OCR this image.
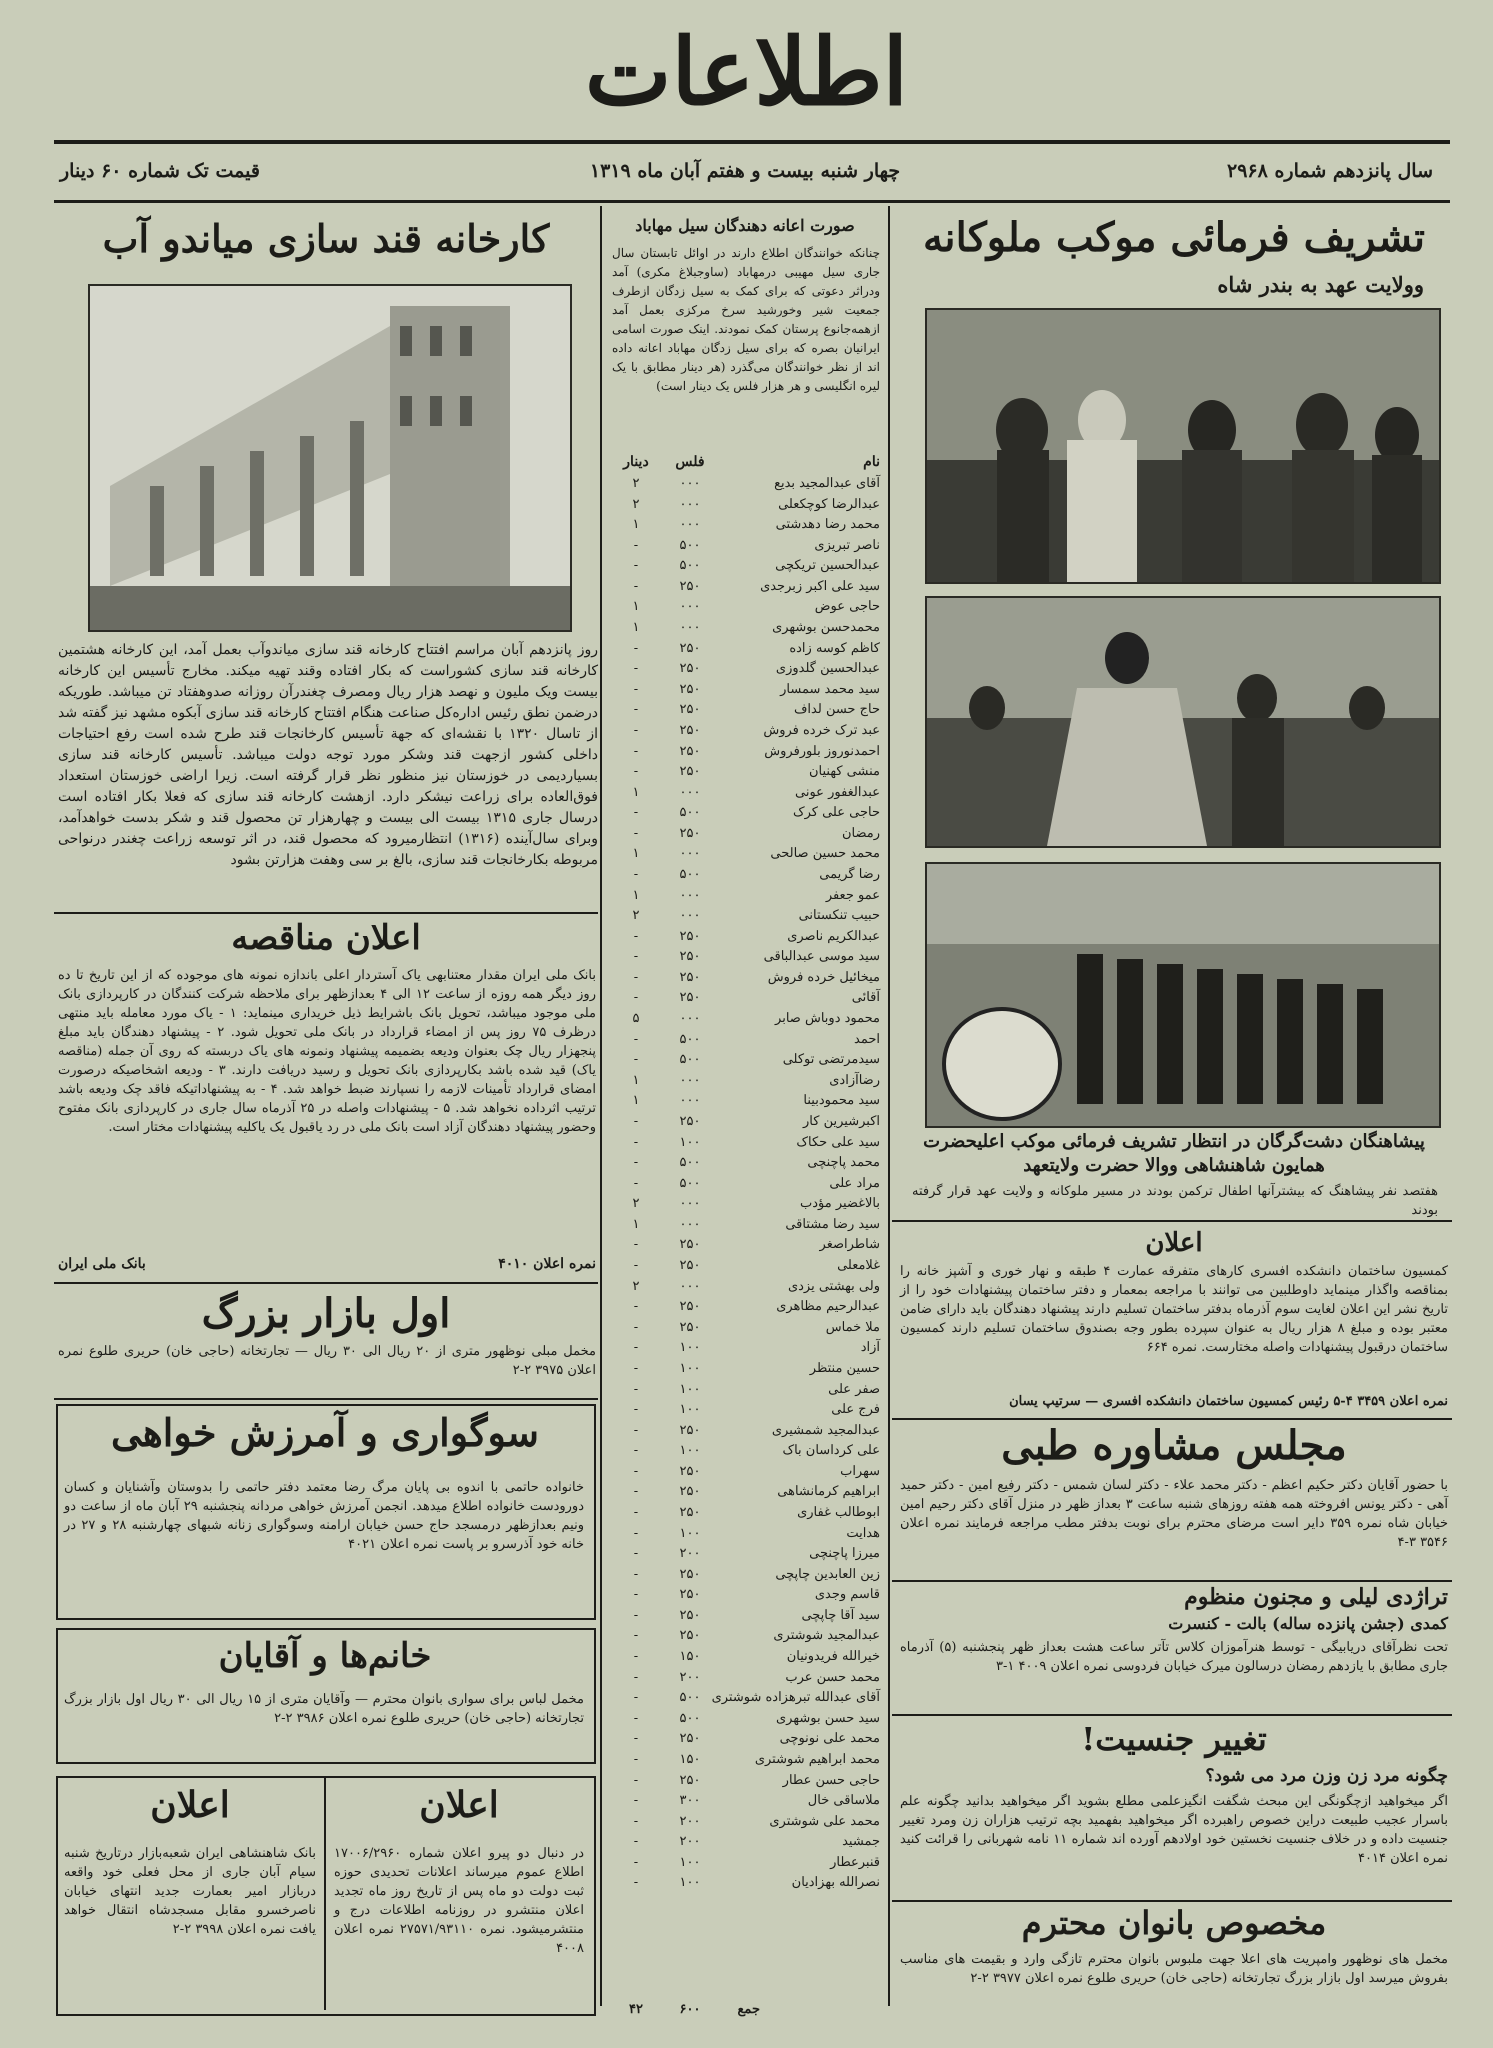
اطلاعات
سال پانزدهم شماره ۲۹۶۸
چهار شنبه بیست و هفتم آبان ماه ۱۳۱۹
قیمت تک شماره ۶۰ دینار
تشریف فرمائی موکب ملوکانه
وولایت عهد به بندر شاه
پیشاهنگان دشت‌گرگان در انتظار تشریف فرمائی موکب اعلیحضرت همایون شاهنشاهی ووالا حضرت ولایتعهد
هفتصد نفر پیشاهنگ که بیشترآنها اطفال ترکمن بودند در مسیر ملوکانه و ولایت عهد قرار گرفته بودند
اعلان
کمسیون ساختمان دانشکده افسری کارهای متفرقه عمارت ۴ طبقه و نهار خوری و آشپز خانه را بمناقصه واگذار مینماید داوطلبین می توانند با مراجعه بمعمار و دفتر ساختمان پیشنهادات خود را از تاریخ نشر این اعلان لغایت سوم آذرماه بدفتر ساختمان تسلیم دارند پیشنهاد دهندگان باید دارای ضامن معتبر بوده و مبلغ ۸ هزار ریال به عنوان سپرده بطور وجه بصندوق ساختمان تسلیم دارند کمسیون ساختمان درقبول پیشنهادات واصله مختارست. نمره ۶۶۴
نمره اعلان ۳۴۵۹ ۴-۵ رئیس کمسیون ساختمان دانشکده افسری — سرتیپ یسان
مجلس مشاوره طبی
با حضور آقایان دکتر حکیم اعظم - دکتر محمد علاء - دکتر لسان شمس - دکتر رفیع امین - دکتر حمید آهی - دکتر یونس افروخته همه هفته روزهای شنبه ساعت ۳ بعداز ظهر در منزل آقای دکتر رحیم امین خیابان شاه نمره ۳۵۹ دایر است مرضای محترم برای نوبت بدفتر مطب مراجعه فرمایند نمره اعلان ۳۵۴۶ ۳-۴
تراژدی لیلی و مجنون منظوم
کمدی (جشن پانزده ساله) بالت - کنسرت
تحت نظرآقای دریابیگی - توسط هنرآموزان کلاس تآتر ساعت هشت بعداز ظهر پنجشنبه (۵) آذرماه جاری مطابق با یازدهم رمضان درسالون میرک خیابان فردوسی نمره اعلان ۴۰۰۹ ۱-۳
تغییر جنسیت!
چگونه مرد زن وزن مرد می شود؟
اگر میخواهید ازچگونگی این مبحث شگفت انگیزعلمی مطلع بشوید اگر میخواهید بدانید چگونه علم باسرار عجیب طبیعت دراین خصوص راهبرده اگر میخواهید بفهمید بچه ترتیب هزاران زن ومرد تغییر جنسیت داده و در خلاف جنسیت نخستین خود اولادهم آورده اند شماره ۱۱ نامه شهربانی را قرائت کنید نمره اعلان ۴۰۱۴
مخصوص بانوان محترم
مخمل های نوظهور وامپریت های اعلا جهت ملبوس بانوان محترم تازگی وارد و بقیمت های مناسب بفروش میرسد اول بازار بزرگ تجارتخانه (حاجی خان) حریری طلوع نمره اعلان ۳۹۷۷ ۲-۲
صورت اعانه دهندگان سیل مهاباد
چنانکه خوانندگان اطلاع دارند در اوائل تابستان سال جاری سیل مهیبی درمهاباد (ساوجبلاغ مکری) آمد ودراثر دعوتی که برای کمک به سیل زدگان ازطرف جمعیت شیر وخورشید سرخ مرکزی بعمل آمد ازهمه‌جانوع پرستان کمک نمودند. اینک صورت اسامی ایرانیان بصره که برای سیل زدگان مهاباد اعانه داده اند از نظر خوانندگان می‌گذرد (هر دینار مطابق با یک لیره انگلیسی و هر هزار فلس یک دینار است)
نام
فلس
دینار
آقای عبدالمجید بدیع
۰۰۰
۲
عبدالرضا کوچکعلی
۰۰۰
۲
محمد رضا دهدشتی
۰۰۰
۱
ناصر تبریزی
۵۰۰
-
عبدالحسین تریکچی
۵۰۰
-
سید علی اکبر زبرجدی
۲۵۰
-
حاجی عوض
۰۰۰
۱
محمدحسن بوشهری
۰۰۰
۱
کاظم کوسه زاده
۲۵۰
-
عبدالحسین گلدوزی
۲۵۰
-
سید محمد سمسار
۲۵۰
-
حاج حسن لداف
۲۵۰
-
عبد ترک خرده فروش
۲۵۰
-
احمدنوروز بلورفروش
۲۵۰
-
منشی کهنیان
۲۵۰
-
عبدالغفور عونی
۰۰۰
۱
حاجی علی کرک
۵۰۰
-
رمضان
۲۵۰
-
محمد حسین صالحی
۰۰۰
۱
رضا گریمی
۵۰۰
-
عمو جعفر
۰۰۰
۱
حبیب تنکستانی
۰۰۰
۲
عبدالکریم ناصری
۲۵۰
-
سید موسی عبدالباقی
۲۵۰
-
میخائیل خرده فروش
۲۵۰
-
آقائی
۲۵۰
-
محمود دوباش صابر
۰۰۰
۵
احمد
۵۰۰
-
سیدمرتضی توکلی
۵۰۰
-
رضاآزادی
۰۰۰
۱
سید محمودبینا
۰۰۰
۱
اکبرشیرین کار
۲۵۰
-
سید علی حکاک
۱۰۰
-
محمد پاچنچی
۵۰۰
-
مراد علی
۵۰۰
-
بالاغضیر مؤدب
۰۰۰
۲
سید رضا مشتاقی
۰۰۰
۱
شاطراصغر
۲۵۰
-
غلامعلی
۲۵۰
-
ولی بهشتی یزدی
۰۰۰
۲
عبدالرحیم مظاهری
۲۵۰
-
ملا خماس
۲۵۰
-
آزاد
۱۰۰
-
حسین منتظر
۱۰۰
-
صفر علی
۱۰۰
-
فرج علی
۱۰۰
-
عبدالمجید شمشیری
۲۵۰
-
علی کرداسان باک
۱۰۰
-
سهراب
۲۵۰
-
ابراهیم کرمانشاهی
۲۵۰
-
ابوطالب غفاری
۲۵۰
-
هدایت
۱۰۰
-
میرزا پاچنچی
۲۰۰
-
زین العابدین چاپچی
۲۵۰
-
قاسم وجدی
۲۵۰
-
سید آقا چاپچی
۲۵۰
-
عبدالمجید شوشتری
۲۵۰
-
خیرالله فریدونیان
۱۵۰
-
محمد حسن عرب
۲۰۰
-
آقای عبدالله تبرهزاده شوشتری
۵۰۰
-
سید حسن بوشهری
۵۰۰
-
محمد علی نونوچی
۲۵۰
-
محمد ابراهیم شوشتری
۱۵۰
-
حاجی حسن عطار
۲۵۰
-
ملاساقی خال
۳۰۰
-
محمد علی شوشتری
۲۰۰
-
جمشید
۲۰۰
-
قنبرعطار
۱۰۰
-
نصرالله بهزادیان
۱۰۰
-
جمع
۶۰۰
۴۲
کارخانه قند سازی میاندو آب
روز پانزدهم آبان مراسم افتتاح کارخانه قند سازی میاندوآب بعمل آمد، این کارخانه هشتمین کارخانه قند سازی کشوراست که بکار افتاده وقند تهیه میکند. مخارج تأسیس این کارخانه بیست ویک ملیون و نهصد هزار ریال ومصرف چغندرآن روزانه صدوهفتاد تن میباشد. طوریکه درضمن نطق رئیس اداره‌کل صناعت هنگام افتتاح کارخانه قند سازی آبکوه مشهد نیز گفته شد از تاسال ۱۳۲۰ با نقشه‌ای که جهة تأسیس کارخانجات قند طرح شده است رفع احتیاجات داخلی کشور ازجهت قند وشکر مورد توجه دولت میباشد. تأسیس کارخانه قند سازی بسیاردیمی در خوزستان نیز منظور نظر قرار گرفته است. زیرا اراضی خوزستان استعداد فوق‌العاده برای زراعت نیشکر دارد. ازهشت کارخانه قند سازی که فعلا بکار افتاده است درسال جاری ۱۳۱۵ بیست الی بیست و چهارهزار تن محصول قند و شکر بدست خواهدآمد، وبرای سال‌آینده (۱۳۱۶) انتظارمیرود که محصول قند، در اثر توسعه زراعت چغندر درنواحی مربوطه بکارخانجات قند سازی، بالغ بر سی وهفت هزارتن بشود
اعلان مناقصه
بانک ملی ایران مقدار معتنابهی یاک آستردار اعلی باندازه نمونه های موجوده که از این تاریخ تا ده روز دیگر همه روزه از ساعت ۱۲ الی ۴ بعدازظهر برای ملاحظه شرکت کنندگان در کارپردازی بانک ملی موجود میباشد، تحویل بانک باشرایط ذیل خریداری مینماید: ۱ - یاک مورد معامله باید منتهی درظرف ۷۵ روز پس از امضاء قرارداد در بانک ملی تحویل شود. ۲ - پیشنهاد دهندگان باید مبلغ پنجهزار ریال چک بعنوان ودیعه بضمیمه پیشنهاد ونمونه های یاک دربسته که روی آن جمله (مناقصه یاک) قید شده باشد بکارپردازی بانک تحویل و رسید دریافت دارند. ۳ - ودیعه اشخاصیکه درصورت امضای قرارداد تأمینات لازمه را نسپارند ضبط خواهد شد. ۴ - به پیشنهاداتیکه فاقد چک ودیعه باشد ترتیب اثرداده نخواهد شد. ۵ - پیشنهادات واصله در ۲۵ آذرماه سال جاری در کارپردازی بانک مفتوح وحضور پیشنهاد دهندگان آزاد است بانک ملی در رد یاقبول یک یاکلیه پیشنهادات مختار است.
نمره اعلان ۴۰۱۰
بانک ملی ایران
اول بازار بزرگ
مخمل مبلی نوظهور متری از ۲۰ ریال الی ۳۰ ریال — تجارتخانه (حاجی خان) حریری طلوع نمره اعلان ۳۹۷۵ ۲-۲
سوگواری و آمرزش خواهی
خانواده حاتمی با اندوه بی پایان مرگ رضا معتمد دفتر حاتمی را بدوستان وآشنایان و کسان دورودست خانواده اطلاع میدهد. انجمن آمرزش خواهی مردانه پنجشنبه ۲۹ آبان ماه از ساعت دو ونیم بعدازظهر درمسجد حاج حسن خیابان ارامنه وسوگواری زنانه شبهای چهارشنبه ۲۸ و ۲۷ در خانه خود آذرسرو بر پاست نمره اعلان ۴۰۲۱
خانم‌ها و آقایان
مخمل لباس برای سواری بانوان محترم — وآقایان متری از ۱۵ ریال الی ۳۰ ریال اول بازار بزرگ تجارتخانه (حاجی خان) حریری طلوع نمره اعلان ۳۹۸۶ ۲-۲
اعلان
در دنبال دو پیرو اعلان شماره ۱۷۰۰۶/۲۹۶۰ اطلاع عموم میرساند اعلانات تحدیدی حوزه ثبت دولت دو ماه پس از تاریخ روز ماه تجدید اعلان منتشرو در روزنامه اطلاعات درج و منتشرمیشود. نمره ۲۷۵۷۱/۹۳۱۱۰ نمره اعلان ۴۰۰۸
اعلان
بانک شاهنشاهی ایران شعبه‌بازار درتاریخ شنبه سیام آبان جاری از محل فعلی خود واقعه دربازار امیر بعمارت جدید انتهای خیابان ناصرخسرو مقابل مسجدشاه انتقال خواهد یافت نمره اعلان ۳۹۹۸ ۲-۲
